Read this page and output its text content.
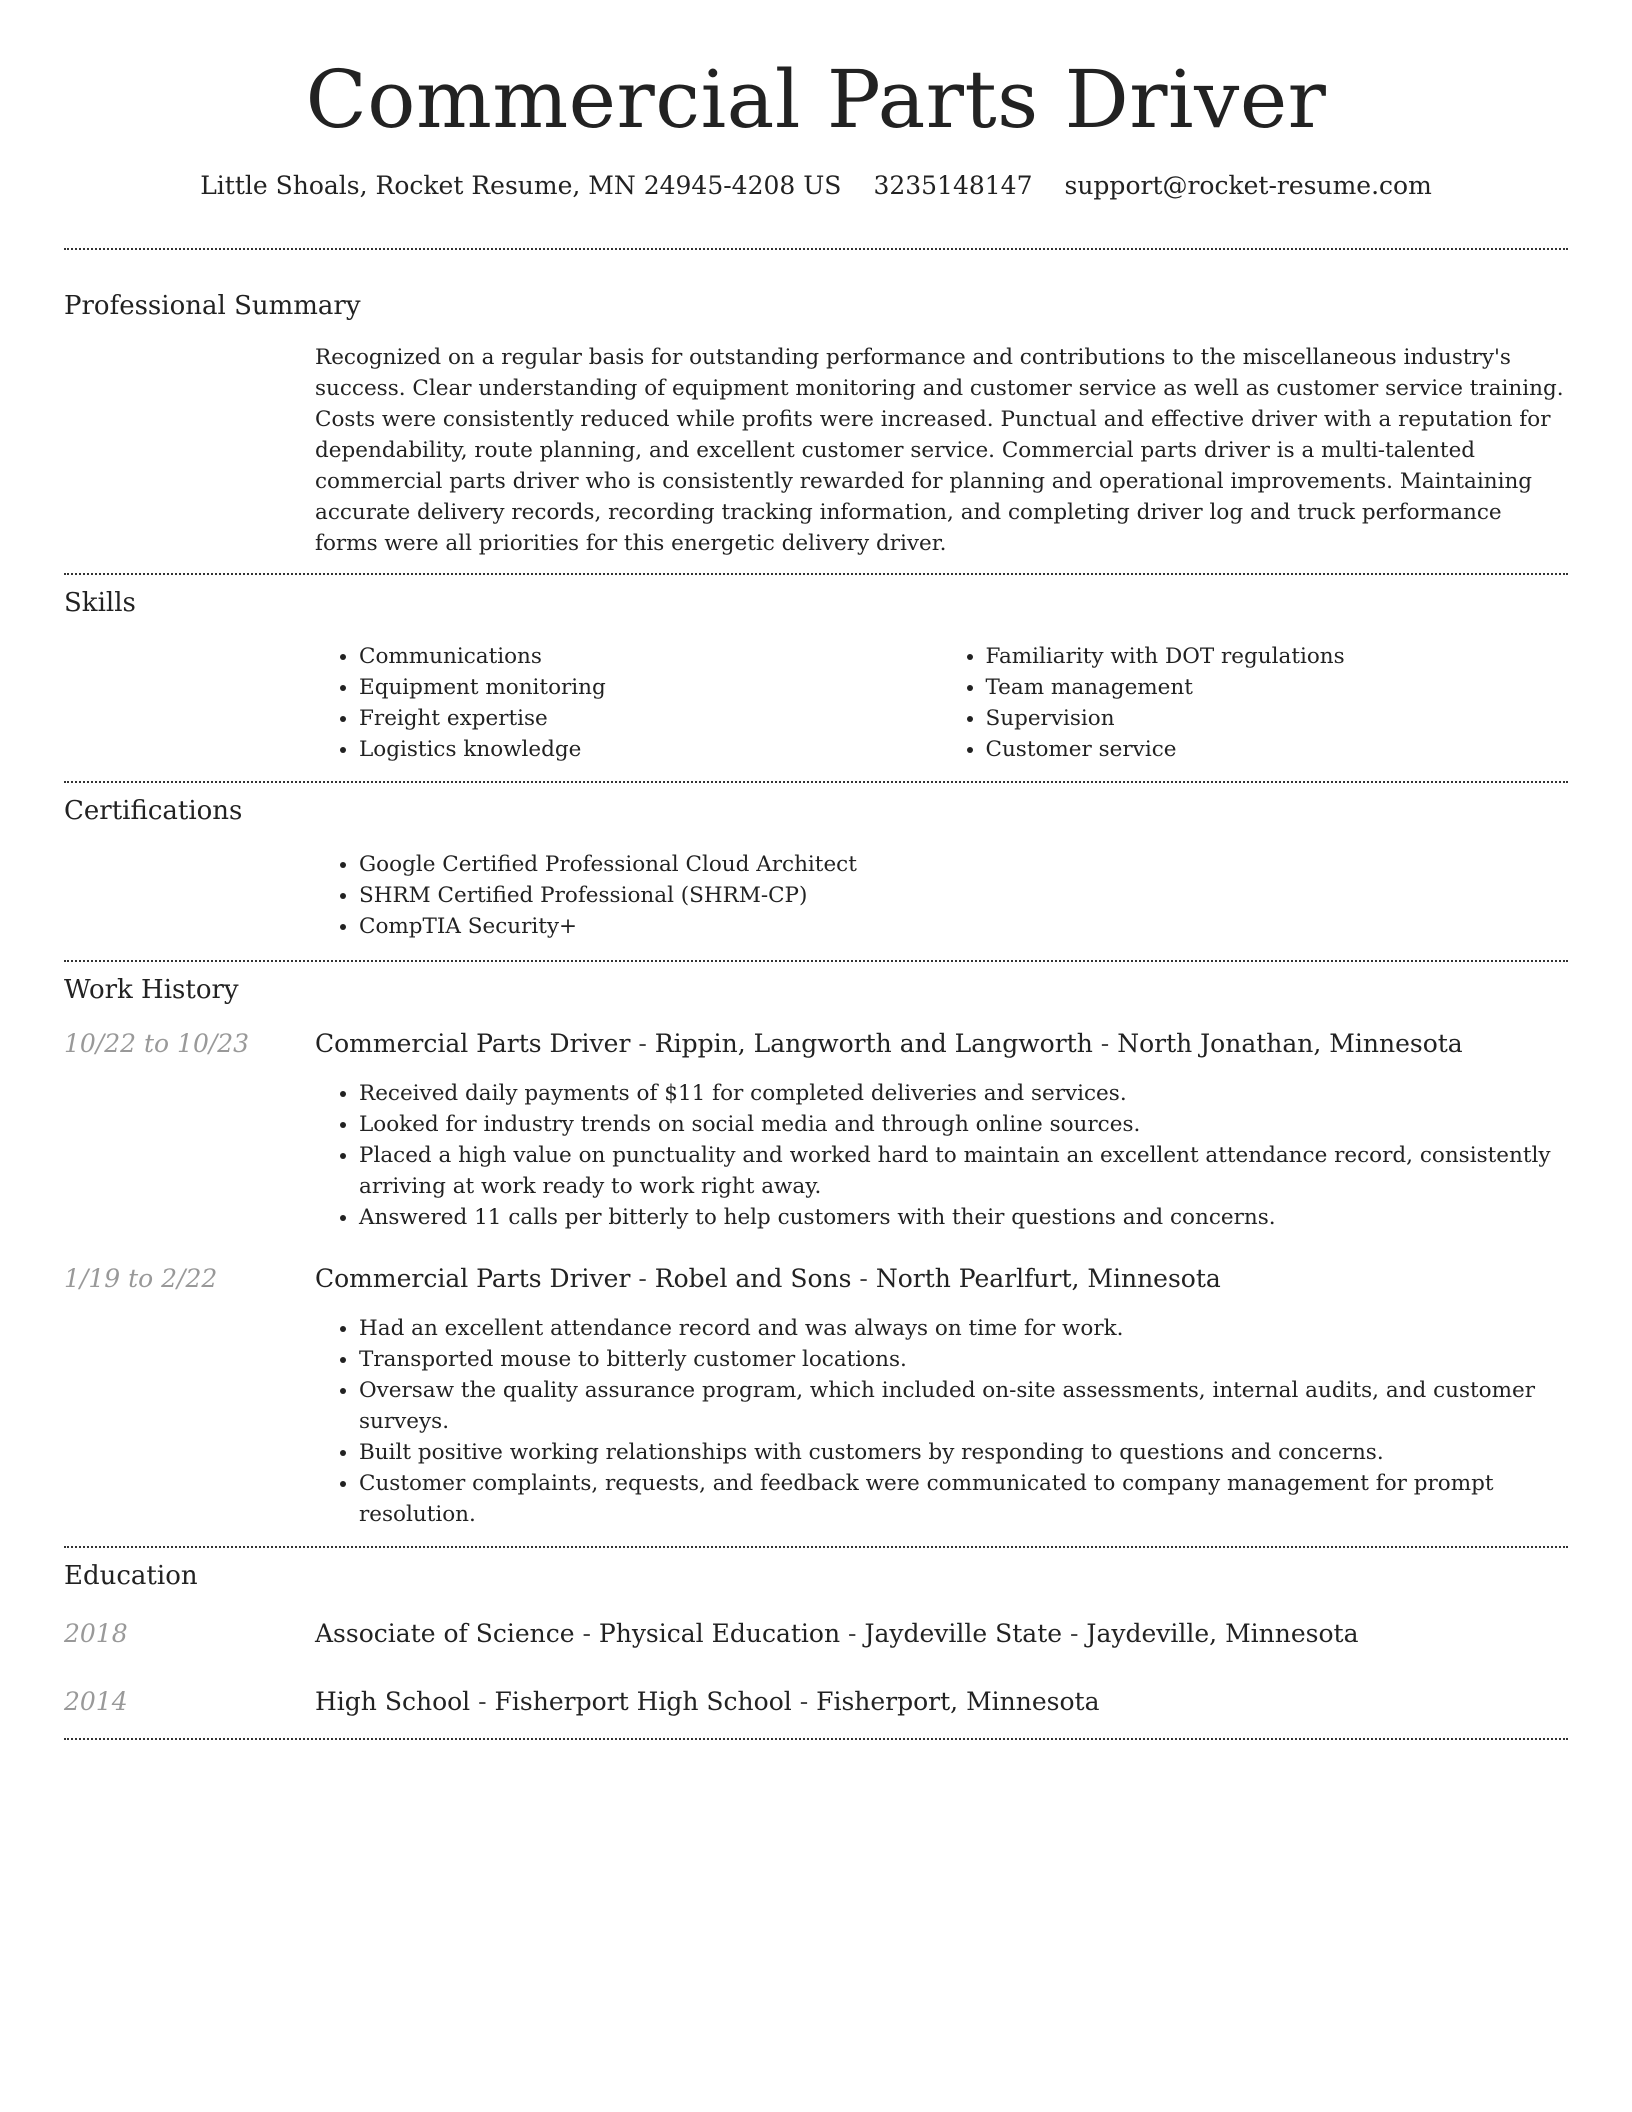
Commercial Parts Driver
Little Shoals, Rocket Resume, MN 24945-4208 US 3235148147 support@rocket-resume.com
Professional Summary
Recognized on a regular basis for outstanding performance and contributions to the miscellaneous industry's success. Clear understanding of equipment monitoring and customer service as well as customer service training. Costs were consistently reduced while profits were increased. Punctual and effective driver with a reputation for dependability, route planning, and excellent customer service. Commercial parts driver is a multi-talented commercial parts driver who is consistently rewarded for planning and operational improvements. Maintaining accurate delivery records, recording tracking information, and completing driver log and truck performance forms were all priorities for this energetic delivery driver.
Skills
• Communications
• Equipment monitoring
• Freight expertise
• Logistics knowledge
• Familiarity with DOT regulations
• Team management
• Supervision
• Customer service
Certifications
• Google Certified Professional Cloud Architect
• SHRM Certified Professional (SHRM-CP)
• CompTIA Security+
Work History
10/22 to 10/23	Commercial Parts Driver - Rippin, Langworth and Langworth - North Jonathan, Minnesota
• Received daily payments of $11 for completed deliveries and services.
• Looked for industry trends on social media and through online sources.
• Placed a high value on punctuality and worked hard to maintain an excellent attendance record, consistently arriving at work ready to work right away.
• Answered 11 calls per bitterly to help customers with their questions and concerns.
1/19 to 2/22	Commercial Parts Driver - Robel and Sons - North Pearlfurt, Minnesota
• Had an excellent attendance record and was always on time for work.
• Transported mouse to bitterly customer locations.
• Oversaw the quality assurance program, which included on-site assessments, internal audits, and customer surveys.
• Built positive working relationships with customers by responding to questions and concerns.
• Customer complaints, requests, and feedback were communicated to company management for prompt resolution.
Education
2018	Associate of Science - Physical Education - Jaydeville State - Jaydeville, Minnesota
2014	High School - Fisherport High School - Fisherport, Minnesota
